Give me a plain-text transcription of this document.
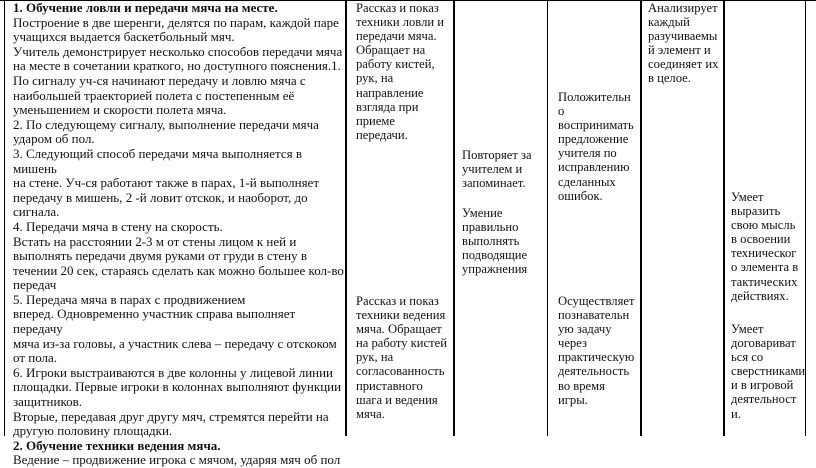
1. Обучение ловли и передачи мяча на месте.

Построение в две шеренги, делятся по парам, каждой паре
учащихся выдается баскетбольный мяч.

Учитель демонстрирует несколько способов передачи мяча
на месте в сочетании краткого, но доступного пояснения.1.
По сигналу уч-ся начинают передачу и ловлю мяча с
наибольшей траекторией полета с постепенным её
уменьшением и скорости полета мяча.

2. По следующему сигналу, выполнение передачи мяча
ударом об пол.

3. Следующий способ передачи мяча выполняется в мишень
на стене. Уч-ся работают также в парах, 1-й выполняет
передачу в мишень, 2 -й ловит отскок, и наоборот, до
сигнала.

4. Передачи мяча в стену на скорость.
Встать на расстоянии 2-3 м от стены лицом к ней и
выполнять передачи двумя руками от груди в стену в
течении 20 сек, стараясь сделать как можно большее кол-во
передач

5. Передача мяча в парах с продвижением
вперед. Одновременно участник справа выполняет передачу
мяча из-за головы, а участник слева – передачу с отскоком
от пола.

6. Игроки выстраиваются в две колонны у лицевой линии
площадки. Первые игроки в колоннах выполняют функции
защитников.

Вторые, передавая друг другу мяч, стремятся перейти на
другую половину площадки.

2. Обучение техники ведения мяча.

Ведение – продвижение игрока с мячом, ударяя мяч об пол

Рассказ и показ
техники ловли и
передачи мяча.
Обращает на
работу кистей,
рук, на
направление
взгляда при
приеме
передачи.

Рассказ и показ
техники ведения
мяча. Обращает
на работу кистей
рук, на
согласованность
приставного
шага и ведения
мяча.

Повторяет за
учителем и
запоминает.

Умение
правильно
выполнять
подводящие
упражнения

Осуществляет
познавательн
ую задачу
через
практическую
деятельность
во время
игры.

Положительн
о
воспринимать
предложение
учителя по
исправлению
сделанных
ошибок.

Анализирует
каждый
разучиваемы
й элемент и
соединяет их
в целое.

Умеет
выразить
свою мысль
в освоении
техническог
о элемента в
тактических
действиях.

Умеет
договариват
ься со
сверстниками
и в игровой
деятельност
и.
